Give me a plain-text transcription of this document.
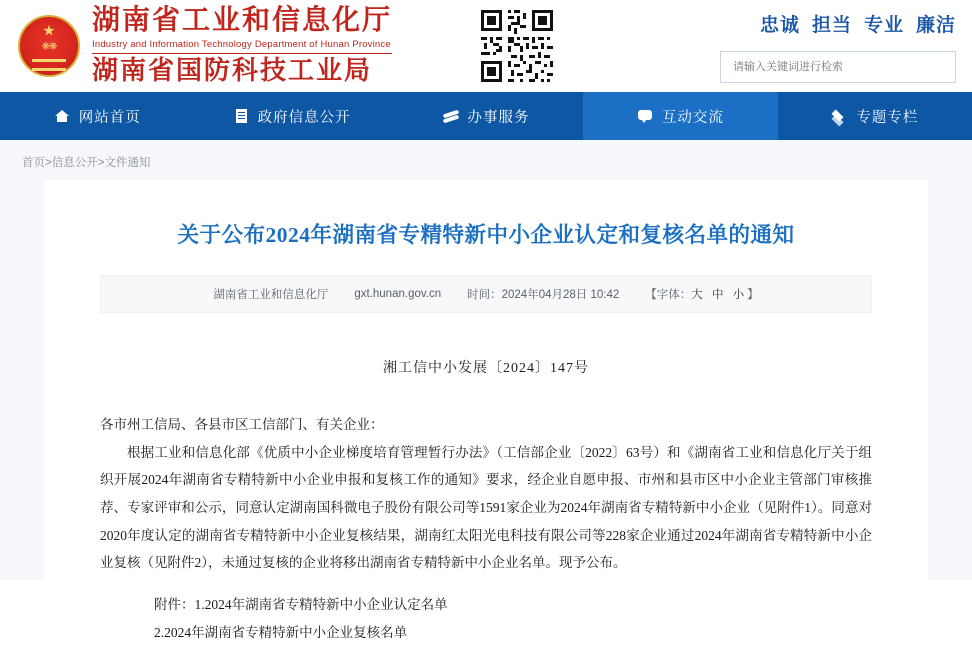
★
❋❋
湖南省工业和信息化厅
Industry and Information Technology Department of Hunan Province
湖南省国防科技工业局
忠诚 担当 专业 廉洁
请输入关键词进行检索
网站首页	政府信息公开	办事服务	互动交流	专题专栏
首页>信息公开>文件通知
关于公布2024年湖南省专精特新中小企业认定和复核名单的通知
湖南省工业和信息化厅 gxt.hunan.gov.cn 时间：2024年04月28日 10:42 【字体：大 中 小】
湘工信中小发展〔2024〕147号

各市州工信局、各县市区工信部门、有关企业：

根据工业和信息化部《优质中小企业梯度培育管理暂行办法》（工信部企业〔2022〕63号）和《湖南省工业和信息化厅关于组织开展2024年湖南省专精特新中小企业申报和复核工作的通知》要求，经企业自愿申报、市州和县市区中小企业主管部门审核推荐、专家评审和公示，同意认定湖南国科微电子股份有限公司等1591家企业为2024年湖南省专精特新中小企业（见附件1）。同意对2020年度认定的湖南省专精特新中小企业复核结果，湖南红太阳光电科技有限公司等228家企业通过2024年湖南省专精特新中小企业复核（见附件2），未通过复核的企业将移出湖南省专精特新中小企业名单。现予公布。

附件：1.2024年湖南省专精特新中小企业认定名单

2.2024年湖南省专精特新中小企业复核名单
